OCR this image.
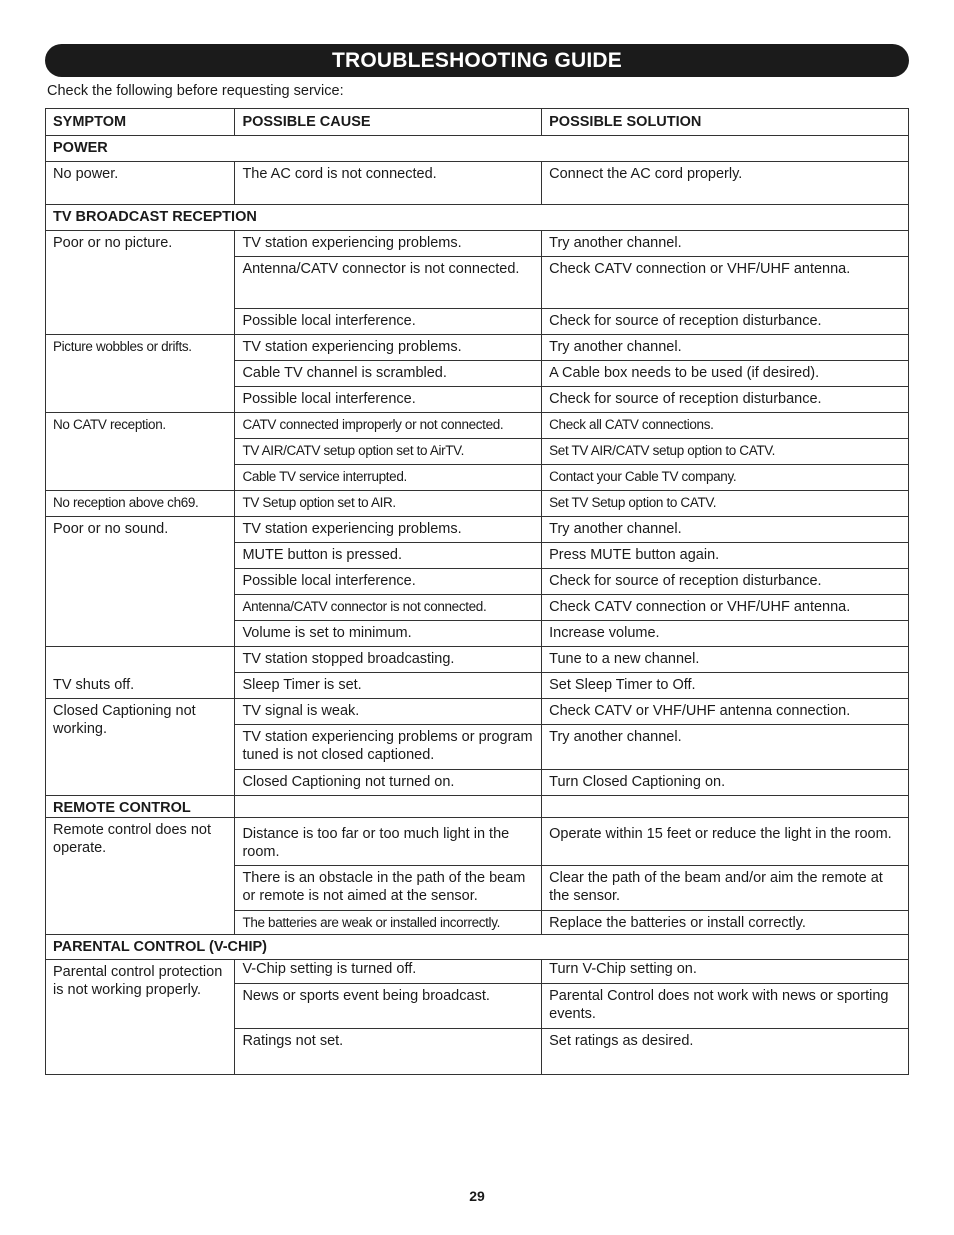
TROUBLESHOOTING GUIDE
Check the following before requesting service:
SYMPTOM	POSSIBLE CAUSE	POSSIBLE SOLUTION
POWER		
No power.	The AC cord is not connected.	Connect the AC cord properly.
TV BROADCAST RECEPTION		
Poor or no picture.	TV station experiencing problems.	Try another channel.
	Antenna/CATV connector is not connected.	Check CATV connection or VHF/UHF antenna.
	Possible local interference.	Check for source of reception disturbance.
Picture wobbles or drifts.	TV station experiencing problems.	Try another channel.
	Cable TV channel is scrambled.	A Cable box needs to be used (if desired).
	Possible local interference.	Check for source of reception disturbance.
No CATV reception.	CATV connected improperly or not connected.	Check all CATV connections.
	TV AIR/CATV setup option set to AirTV.	Set TV AIR/CATV setup option to CATV.
	Cable TV service interrupted.	Contact your Cable TV company.
No reception above ch69.	TV Setup option set to AIR.	Set TV Setup option to CATV.
Poor or no sound.	TV station experiencing problems.	Try another channel.
	MUTE button is pressed.	Press MUTE button again.
	Possible local interference.	Check for source of reception disturbance.
	Antenna/CATV connector is not connected.	Check CATV connection or VHF/UHF antenna.
	Volume is set to minimum.	Increase volume.
TV shuts off.	TV station stopped broadcasting.	Tune to a new channel.
	Sleep Timer is set.	Set Sleep Timer to Off.
Closed Captioning not working.	TV signal is weak.	Check CATV or VHF/UHF antenna connection.
	TV station experiencing problems or program tuned is not closed captioned.	Try another channel.
	Closed Captioning not turned on.	Turn Closed Captioning on.
REMOTE CONTROL		
Remote control does not operate.	Distance is too far or too much light in the room.	Operate within 15 feet or reduce the light in the room.
	There is an obstacle in the path of the beam or remote is not aimed at the sensor.	Clear the path of the beam and/or aim the remote at the sensor.
	The batteries are weak or installed incorrectly.	Replace the batteries or install correctly.
PARENTAL CONTROL (V-CHIP)		
Parental control protection is not working properly.	V-Chip setting is turned off.	Turn V-Chip setting on.
	News or sports event being broadcast.	Parental Control does not work with news or sporting events.
	Ratings not set.	Set ratings as desired.
29
